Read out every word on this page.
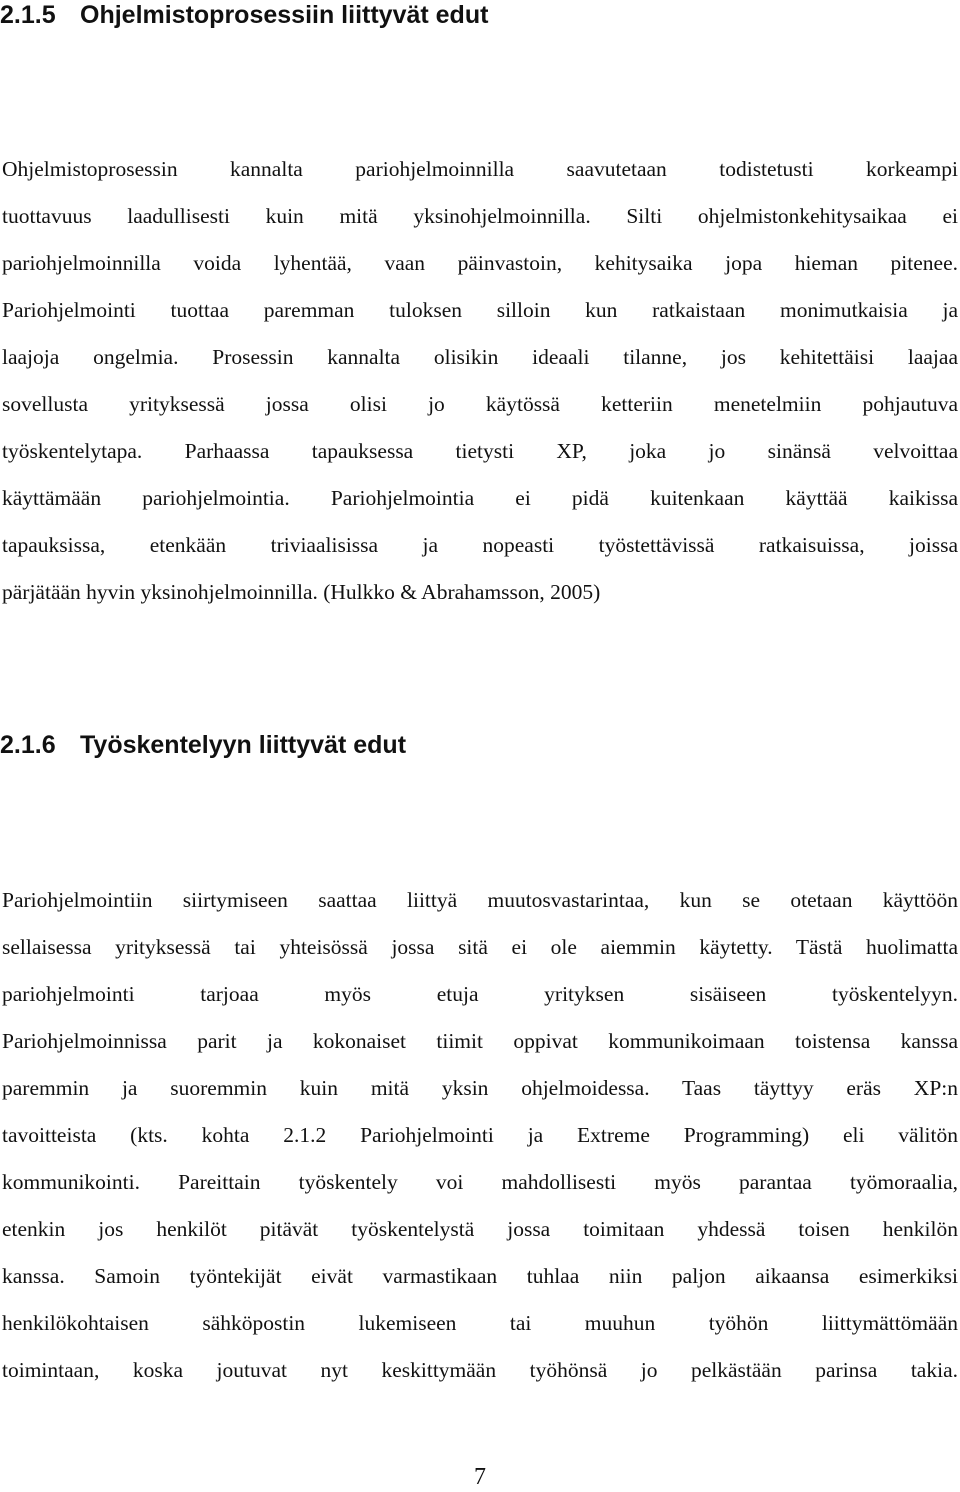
2.1.5 Ohjelmistoprosessiin liittyvät edut
Ohjelmistoprosessin kannalta pariohjelmoinnilla saavutetaan todistetusti korkeampi
tuottavuus laadullisesti kuin mitä yksinohjelmoinnilla. Silti ohjelmistonkehitysaikaa ei
pariohjelmoinnilla voida lyhentää, vaan päinvastoin, kehitysaika jopa hieman pitenee.
Pariohjelmointi tuottaa paremman tuloksen silloin kun ratkaistaan monimutkaisia ja
laajoja ongelmia. Prosessin kannalta olisikin ideaali tilanne, jos kehitettäisi laajaa
sovellusta yrityksessä jossa olisi jo käytössä ketteriin menetelmiin pohjautuva
työskentelytapa. Parhaassa tapauksessa tietysti XP, joka jo sinänsä velvoittaa
käyttämään pariohjelmointia. Pariohjelmointia ei pidä kuitenkaan käyttää kaikissa
tapauksissa, etenkään triviaalisissa ja nopeasti työstettävissä ratkaisuissa, joissa
pärjätään hyvin yksinohjelmoinnilla. (Hulkko & Abrahamsson, 2005)
2.1.6 Työskentelyyn liittyvät edut
Pariohjelmointiin siirtymiseen saattaa liittyä muutosvastarintaa, kun se otetaan käyttöön
sellaisessa yrityksessä tai yhteisössä jossa sitä ei ole aiemmin käytetty. Tästä huolimatta
pariohjelmointi tarjoaa myös etuja yrityksen sisäiseen työskentelyyn.
Pariohjelmoinnissa parit ja kokonaiset tiimit oppivat kommunikoimaan toistensa kanssa
paremmin ja suoremmin kuin mitä yksin ohjelmoidessa. Taas täyttyy eräs XP:n
tavoitteista (kts. kohta 2.1.2 Pariohjelmointi ja Extreme Programming) eli välitön
kommunikointi. Pareittain työskentely voi mahdollisesti myös parantaa työmoraalia,
etenkin jos henkilöt pitävät työskentelystä jossa toimitaan yhdessä toisen henkilön
kanssa. Samoin työntekijät eivät varmastikaan tuhlaa niin paljon aikaansa esimerkiksi
henkilökohtaisen sähköpostin lukemiseen tai muuhun työhön liittymättömään
toimintaan, koska joutuvat nyt keskittymään työhönsä jo pelkästään parinsa takia.
7
